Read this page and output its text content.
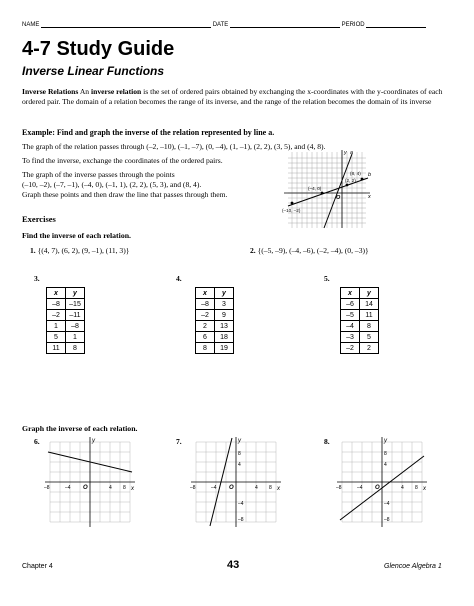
NAME	DATE	PERIOD
4-7 Study Guide
Inverse Linear Functions
Inverse Relations An inverse relation is the set of ordered pairs obtained by exchanging the x-coordinates with the y-coordinates of each ordered pair. The domain of a relation becomes the range of its inverse, and the range of the relation becomes the domain of its inverse
Example: Find and graph the inverse of the relation represented by line a.
The graph of the relation passes through (–2, –10), (–1, –7), (0, –4), (1, –1), (2, 2), (3, 5), and (4, 8).
To find the inverse, exchange the coordinates of the ordered pairs.
The graph of the inverse passes through the points
(–10, –2), (–7, –1), (–4, 0), (–1, 1), (2, 2), (5, 3), and (8, 4).
Graph these points and then draw the line that passes through them.
a
b
x
y
O
(8, 4)
(2, 2)
(–4, 0)
(–10, –2)
Exercises
Find the inverse of each relation.
1. {(4, 7), (6, 2), (9, –1), (11, 3)}	2. {(–5, –9), (–4, –6), (–2, –4), (0, –3)}
3.	4.	5.
x	y
–8	–15
–2	–11
1	–8
5	1
11	8
x	y
–8	3
–2	9
2	13
6	18
8	19
x	y
–6	14
–5	11
–4	8
–3	5
–2	2
Graph the inverse of each relation.
6.	7.	8.
y
x
O
–8	–4	4 8
y
x
O
–8	–4	4 8
8
4
–4
–8
y
x
O
–8	–4	4 8
8
4
–4
–8
Chapter 4	43	Glencoe Algebra 1
